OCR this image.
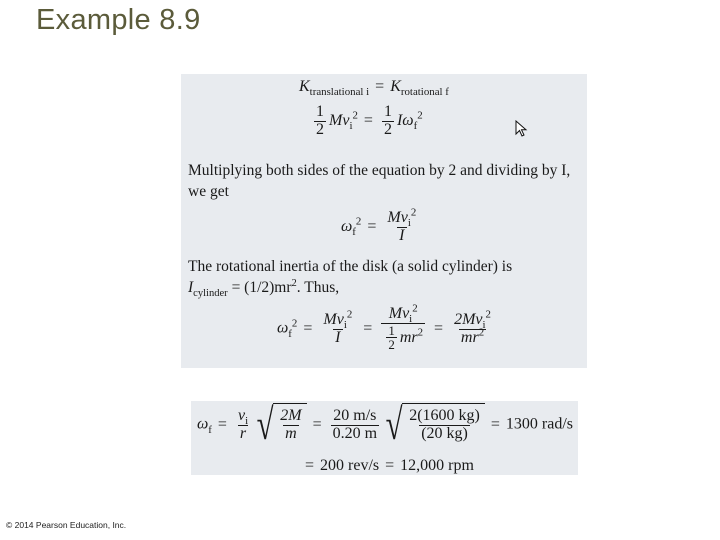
Example 8.9
$K_{translational i} = K_{rotational f}$
$\frac{1}{2} Mv_i^2 = \frac{1}{2} I\omega_f^2$
Multiplying both sides of the equation by 2 and dividing by I, we get
$\omega_f^2 = \frac{Mv_i^2}{I}$
The rotational inertia of the disk (a solid cylinder) is
$I_{cylinder} = (1/2)mr^2$. Thus,
$\omega_f^2 = \frac{Mv_i^2}{I} = \frac{Mv_i^2}{\frac{1}{2} mr^2} = \frac{2Mv_i^2}{mr^2}$
$\omega_f = \frac{v_i}{r}$ √ $\frac{2M}{m} = \frac{20 m/s}{0.20 m}$ √ $\frac{2(1600 kg)}{(20 kg)} = 1300$ rad/s
= 200 rev/s = 12,000 rpm
© 2014 Pearson Education, Inc.
